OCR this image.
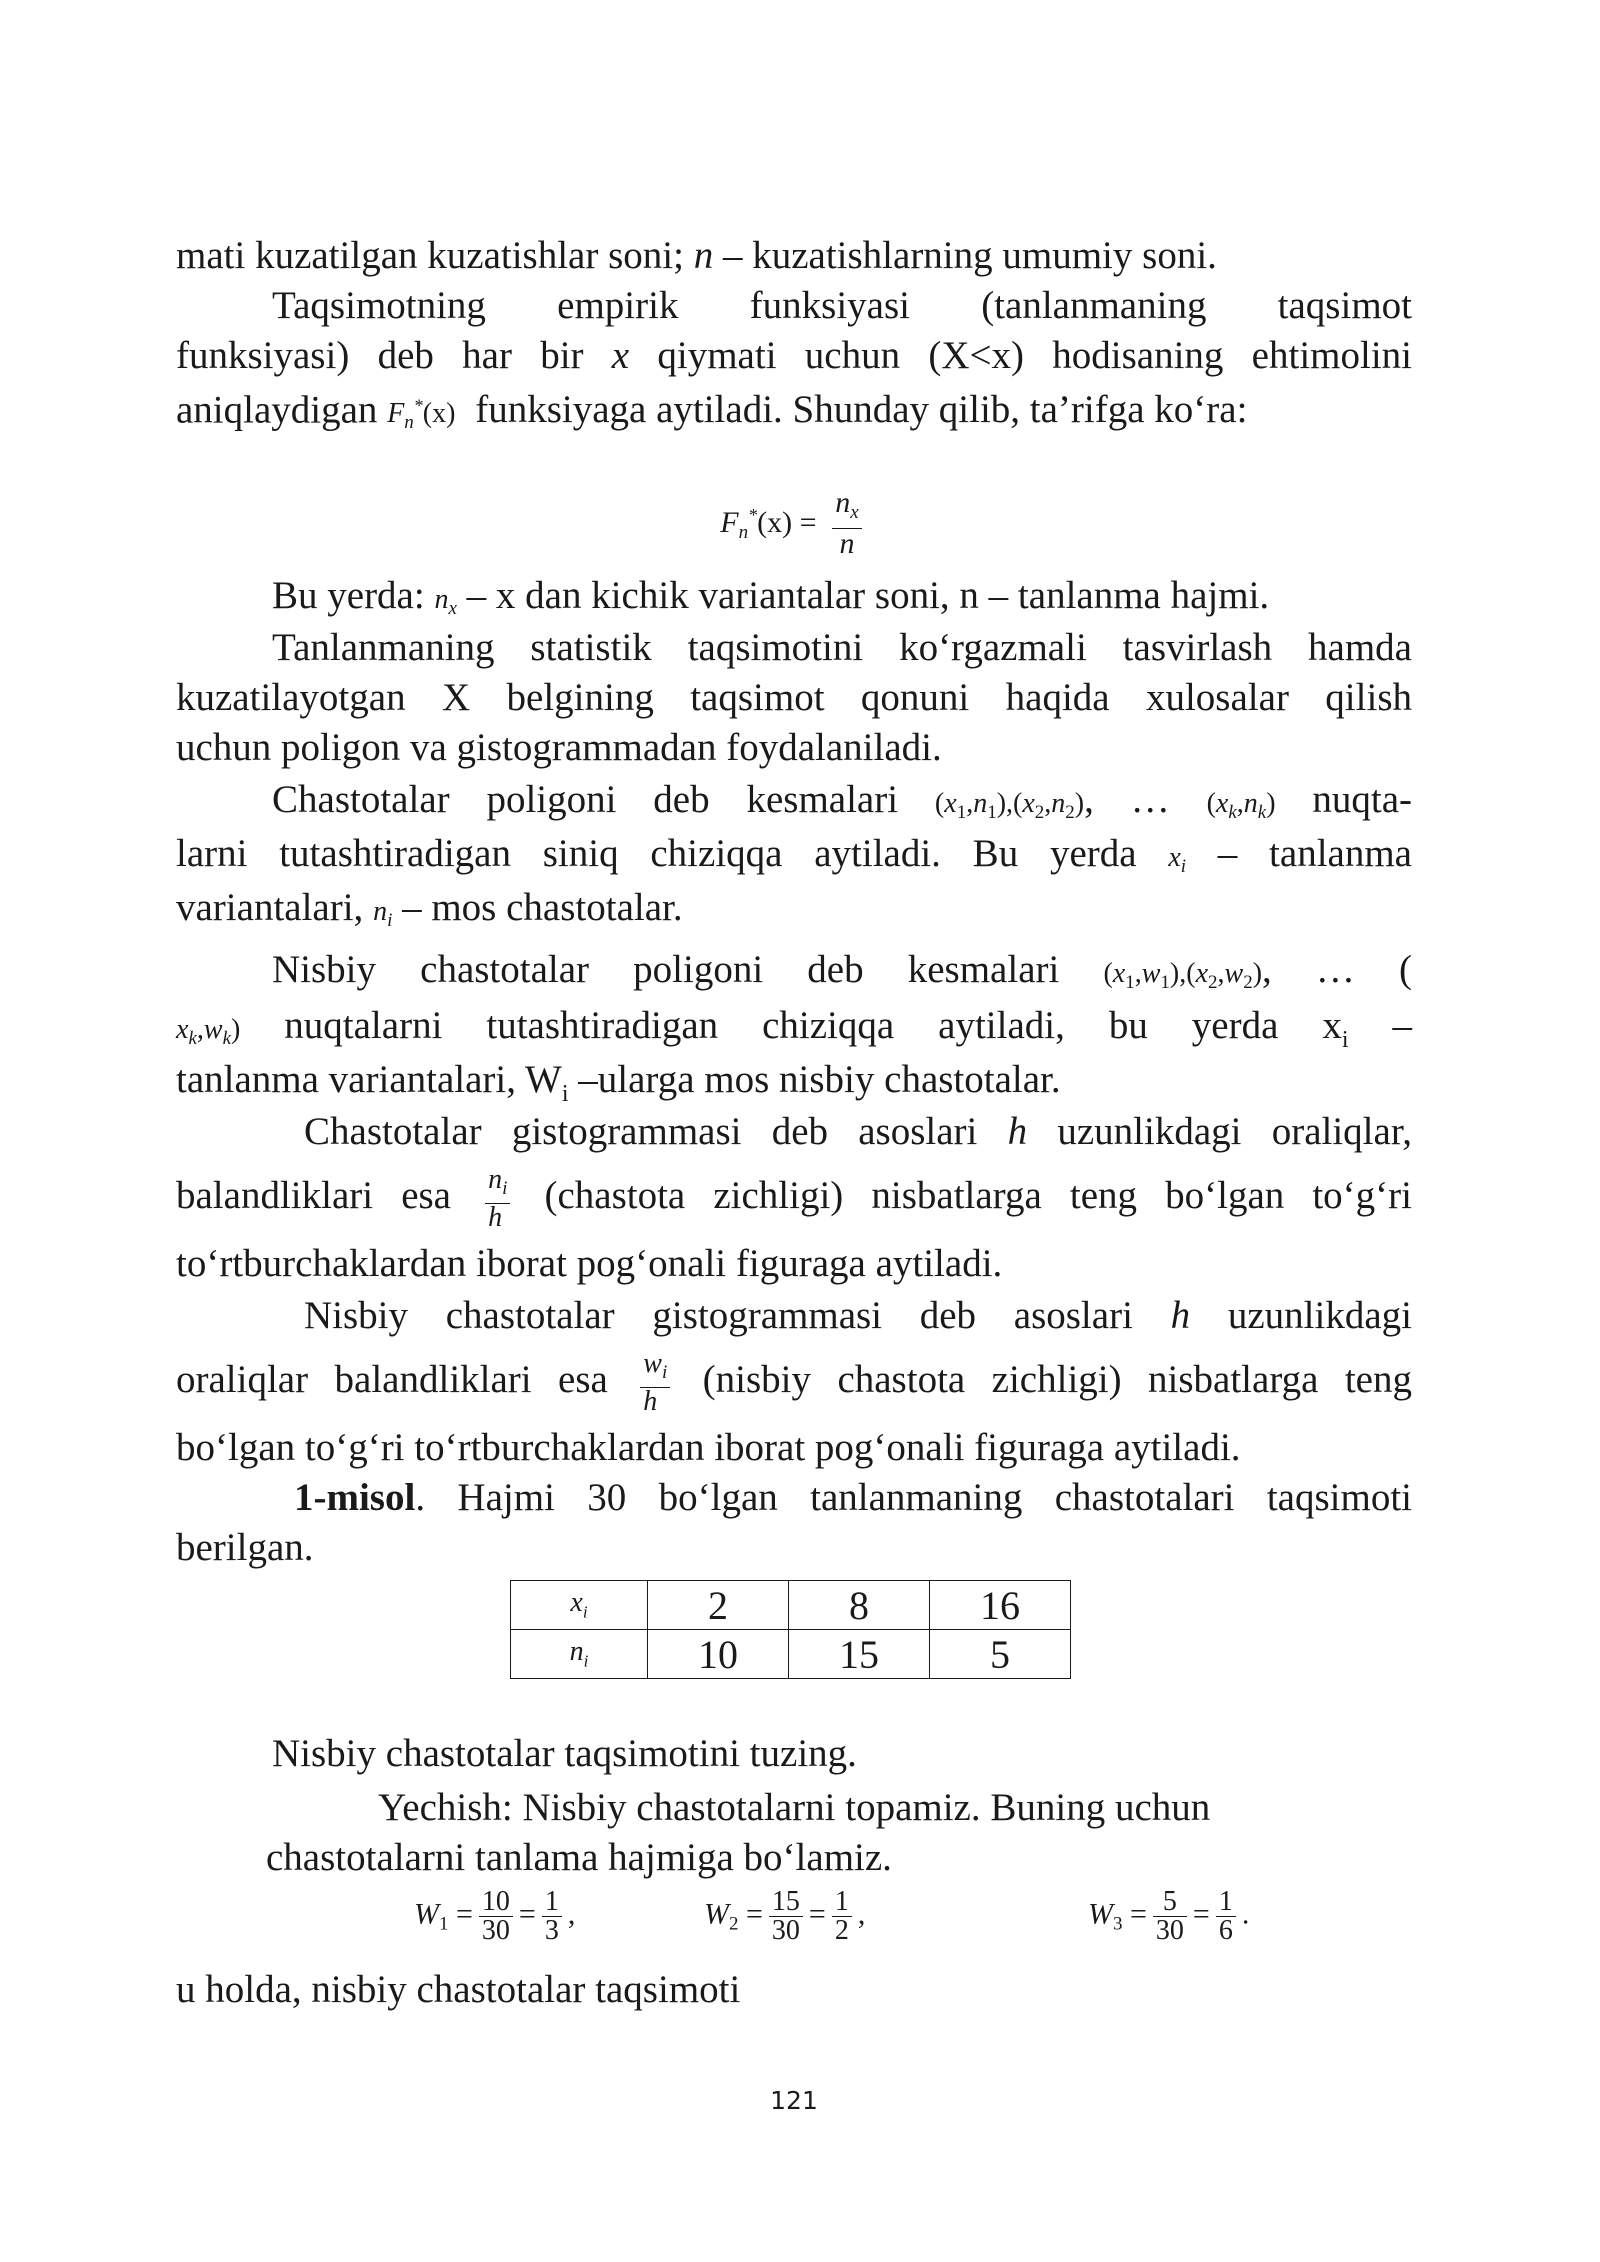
mati kuzatilgan kuzatishlar soni; n – kuzatishlarning umumiy soni.
Taqsimotning empirik funksiyasi (tanlanmaning taqsimot
funksiyasi) deb har bir x qiymati uchun (X<x) hodisaning ehtimolini
aniqlaydigan $F_n^*(x)$ funksiyaga aytiladi. Shunday qilib, ta’rifga ko‘ra:
$F_n^*(x) = \frac{n_x}{n}$
Bu yerda: $n_x$ – x dan kichik variantalar soni, n – tanlanma hajmi.
Tanlanmaning statistik taqsimotini ko‘rgazmali tasvirlash hamda
kuzatilayotgan X belgining taqsimot qonuni haqida xulosalar qilish
uchun poligon va gistogrammadan foydalaniladi.
Chastotalar poligoni deb kesmalari $(x_1,n_1),(x_2,n_2)$, … $(x_k,n_k)$ nuqta-
larni tutashtiradigan siniq chiziqqa aytiladi. Bu yerda $x_i$ – tanlanma
variantalari, $n_i$ – mos chastotalar.
Nisbiy chastotalar poligoni deb kesmalari $(x_1,w_1),(x_2,w_2)$, … (
$x_k,w_k$) nuqtalarni tutashtiradigan chiziqqa aytiladi, bu yerda $x_i$ –
tanlanma variantalari, $W_i$ –ularga mos nisbiy chastotalar.
Chastotalar gistogrammasi deb asoslari h uzunlikdagi oraliqlar,
balandliklari esa $\frac{n_i}{h}$ (chastota zichligi) nisbatlarga teng bo‘lgan to‘g‘ri
to‘rtburchaklardan iborat pog‘onali figuraga aytiladi.
Nisbiy chastotalar gistogrammasi deb asoslari h uzunlikdagi
oraliqlar balandliklari esa $\frac{w_i}{h}$ (nisbiy chastota zichligi) nisbatlarga teng
bo‘lgan to‘g‘ri to‘rtburchaklardan iborat pog‘onali figuraga aytiladi.
1-misol. Hajmi 30 bo‘lgan tanlanmaning chastotalari taqsimoti
berilgan.
$x_i$	2	8	16
$n_i$	10	15	5
Nisbiy chastotalar taqsimotini tuzing.
Yechish: Nisbiy chastotalarni topamiz. Buning uchun
chastotalarni tanlama hajmiga bo‘lamiz.
$W_1 = \frac{10}{30} = \frac{1}{3}$ ,	$W_2 = \frac{15}{30} = \frac{1}{2}$ ,	$W_3 = \frac{5}{30} = \frac{1}{6}$ .
u holda, nisbiy chastotalar taqsimoti
121
